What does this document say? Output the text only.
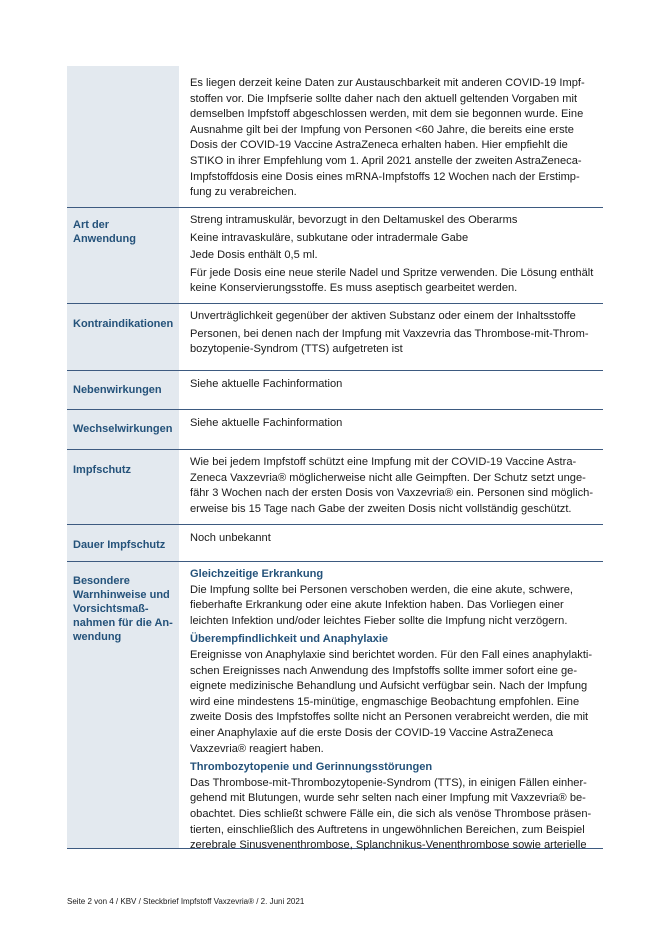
Es liegen derzeit keine Daten zur Austauschbarkeit mit anderen COVID-19 Impf-stoffen vor. Die Impfserie sollte daher nach den aktuell geltenden Vorgaben mit demselben Impfstoff abgeschlossen werden, mit dem sie begonnen wurde. Eine Ausnahme gilt bei der Impfung von Personen <60 Jahre, die bereits eine erste Dosis der COVID-19 Vaccine AstraZeneca erhalten haben. Hier empfiehlt die STIKO in ihrer Empfehlung vom 1. April 2021 anstelle der zweiten AstraZeneca-Impfstoffdosis eine Dosis eines mRNA-Impfstoffs 12 Wochen nach der Erstimp-fung zu verabreichen.

Art der Anwendung

Streng intramuskulär, bevorzugt in den Deltamuskel des Oberarms

Keine intravaskuläre, subkutane oder intradermale Gabe

Jede Dosis enthält 0,5 ml.

Für jede Dosis eine neue sterile Nadel und Spritze verwenden. Die Lösung enthält keine Konservierungsstoffe. Es muss aseptisch gearbeitet werden.

Kontraindikationen

Unverträglichkeit gegenüber der aktiven Substanz oder einem der Inhaltsstoffe

Personen, bei denen nach der Impfung mit Vaxzevria das Thrombose-mit-Throm-bozytopenie-Syndrom (TTS) aufgetreten ist

Nebenwirkungen	Siehe aktuelle Fachinformation

Wechselwirkungen	Siehe aktuelle Fachinformation

Impfschutz

Wie bei jedem Impfstoff schützt eine Impfung mit der COVID-19 Vaccine Astra-Zeneca Vaxzevria® möglicherweise nicht alle Geimpften. Der Schutz setzt unge-fähr 3 Wochen nach der ersten Dosis von Vaxzevria® ein. Personen sind möglich-erweise bis 15 Tage nach Gabe der zweiten Dosis nicht vollständig geschützt.

Dauer Impfschutz

Noch unbekannt

Besondere Warnhinweise und Vorsichtsmaß-nahmen für die An-wendung

Gleichzeitige Erkrankung

Die Impfung sollte bei Personen verschoben werden, die eine akute, schwere, fieberhafte Erkrankung oder eine akute Infektion haben. Das Vorliegen einer leichten Infektion und/oder leichtes Fieber sollte die Impfung nicht verzögern.

Überempfindlichkeit und Anaphylaxie

Ereignisse von Anaphylaxie sind berichtet worden. Für den Fall eines anaphylakti-schen Ereignisses nach Anwendung des Impfstoffs sollte immer sofort eine ge-eignete medizinische Behandlung und Aufsicht verfügbar sein. Nach der Impfung wird eine mindestens 15-minütige, engmaschige Beobachtung empfohlen. Eine zweite Dosis des Impfstoffes sollte nicht an Personen verabreicht werden, die mit einer Anaphylaxie auf die erste Dosis der COVID-19 Vaccine AstraZeneca Vaxzevria® reagiert haben.

Thrombozytopenie und Gerinnungsstörungen

Das Thrombose-mit-Thrombozytopenie-Syndrom (TTS), in einigen Fällen einher-gehend mit Blutungen, wurde sehr selten nach einer Impfung mit Vaxzevria® be-obachtet. Dies schließt schwere Fälle ein, die sich als venöse Thrombose präsen-tierten, einschließlich des Auftretens in ungewöhnlichen Bereichen, zum Beispiel zerebrale Sinusvenenthrombose, Splanchnikus-Venenthrombose sowie arterielle

Seite 2 von 4 / KBV / Steckbrief Impfstoff Vaxzevria® / 2. Juni 2021
